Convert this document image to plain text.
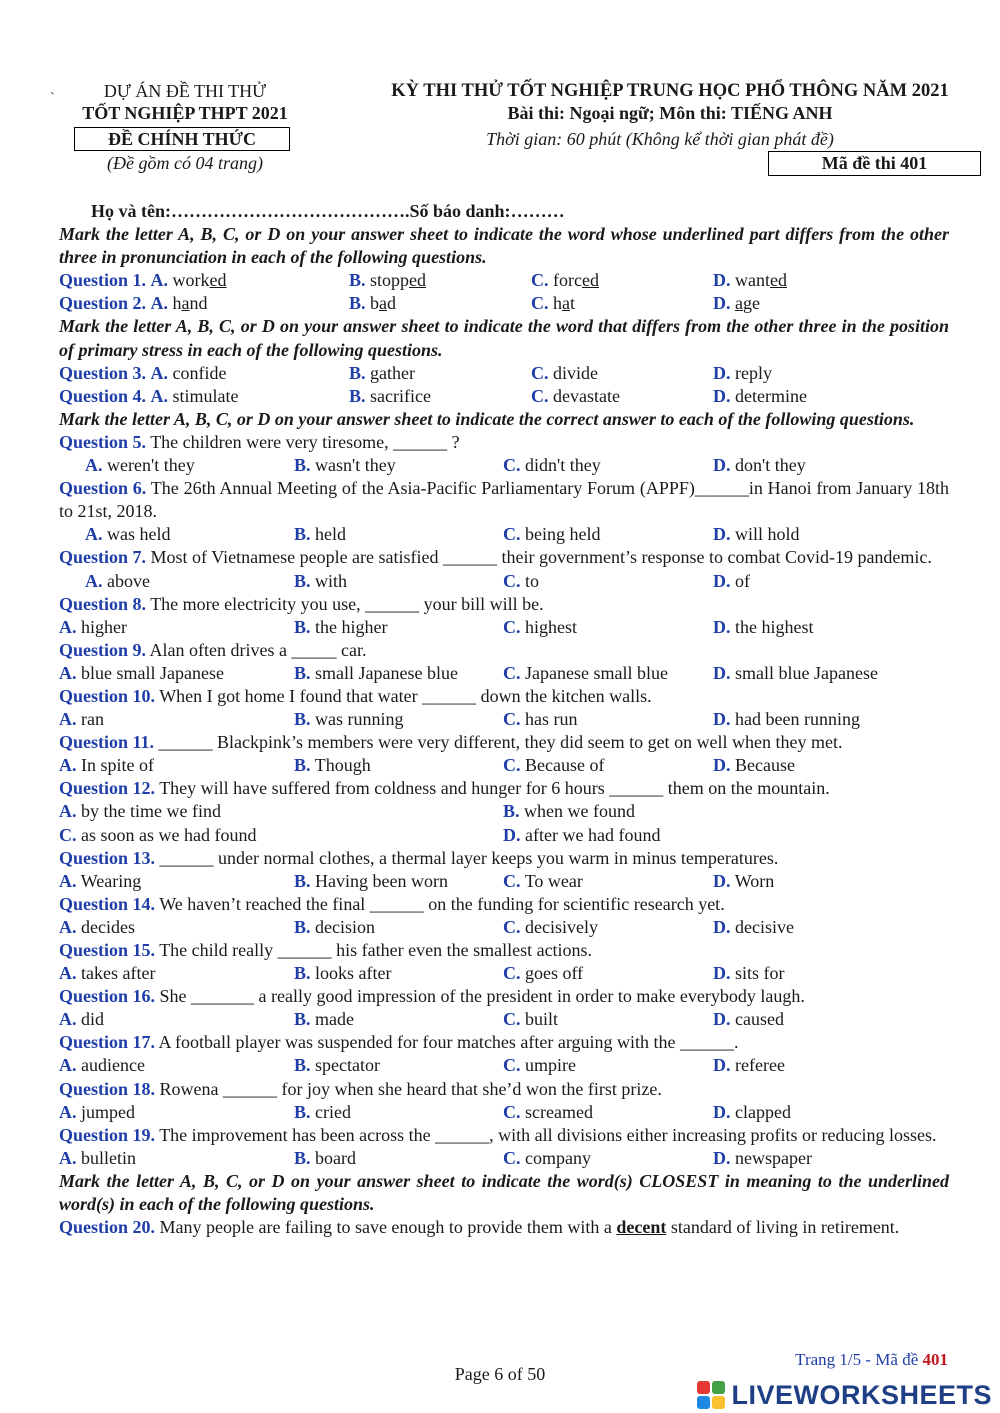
`	DỰ ÁN ĐỀ THI THỬ
TỐT NGHIỆP THPT 2021
ĐỀ CHÍNH THỨC
(Đề gồm có 04 trang)
KỲ THI THỬ TỐT NGHIỆP TRUNG HỌC PHỔ THÔNG NĂM 2021
Bài thi: Ngoại ngữ; Môn thi: TIẾNG ANH
Thời gian: 60 phút (Không kể thời gian phát đề)
Mã đề thi 401
Họ và tên:………………………………….Số báo danh:………
Mark the letter A, B, C, or D on your answer sheet to indicate the word whose underlined part differs from the other three in pronunciation in each of the following questions.
Question 1. A. worked	B. stopped	C. forced	D. wanted
Question 2. A. hand	B. bad	C. hat	D. age
Mark the letter A, B, C, or D on your answer sheet to indicate the word that differs from the other three in the position of primary stress in each of the following questions.
Question 3. A. confide	B. gather	C. divide	D. reply
Question 4. A. stimulate	B. sacrifice	C. devastate	D. determine
Mark the letter A, B, C, or D on your answer sheet to indicate the correct answer to each of the following questions.
Question 5. The children were very tiresome, ______ ?
A. weren't they	B. wasn't they	C. didn't they	D. don't they
Question 6. The 26th Annual Meeting of the Asia-Pacific Parliamentary Forum (APPF)______in Hanoi from January 18th to 21st, 2018.
A. was held	B. held	C. being held	D. will hold
Question 7. Most of Vietnamese people are satisfied ______ their government’s response to combat Covid-19 pandemic.
A. above	B. with	C. to	D. of
Question 8. The more electricity you use, ______ your bill will be.
A. higher	B. the higher	C. highest	D. the highest
Question 9. Alan often drives a _____ car.
A. blue small Japanese	B. small Japanese blue	C. Japanese small blue	D. small blue Japanese
Question 10. When I got home I found that water ______ down the kitchen walls.
A. ran	B. was running	C. has run	D. had been running
Question 11. ______ Blackpink’s members were very different, they did seem to get on well when they met.
A. In spite of	B. Though	C. Because of	D. Because
Question 12. They will have suffered from coldness and hunger for 6 hours ______ them on the mountain.
A. by the time we find	B. when we found
C. as soon as we had found	D. after we had found
Question 13. ______ under normal clothes, a thermal layer keeps you warm in minus temperatures.
A. Wearing	B. Having been worn	C. To wear	D. Worn
Question 14. We haven’t reached the final ______ on the funding for scientific research yet.
A. decides	B. decision	C. decisively	D. decisive
Question 15. The child really ______ his father even the smallest actions.
A. takes after	B. looks after	C. goes off	D. sits for
Question 16. She _______ a really good impression of the president in order to make everybody laugh.
A. did	B. made	C. built	D. caused
Question 17. A football player was suspended for four matches after arguing with the ______.
A. audience	B. spectator	C. umpire	D. referee
Question 18. Rowena ______ for joy when she heard that she’d won the first prize.
A. jumped	B. cried	C. screamed	D. clapped
Question 19. The improvement has been across the ______, with all divisions either increasing profits or reducing losses.
A. bulletin	B. board	C. company	D. newspaper
Mark the letter A, B, C, or D on your answer sheet to indicate the word(s) CLOSEST in meaning to the underlined word(s) in each of the following questions.
Question 20. Many people are failing to save enough to provide them with a decent standard of living in retirement.
Trang 1/5 - Mã đề 401
Page 6 of 50
LIVEWORKSHEETS
